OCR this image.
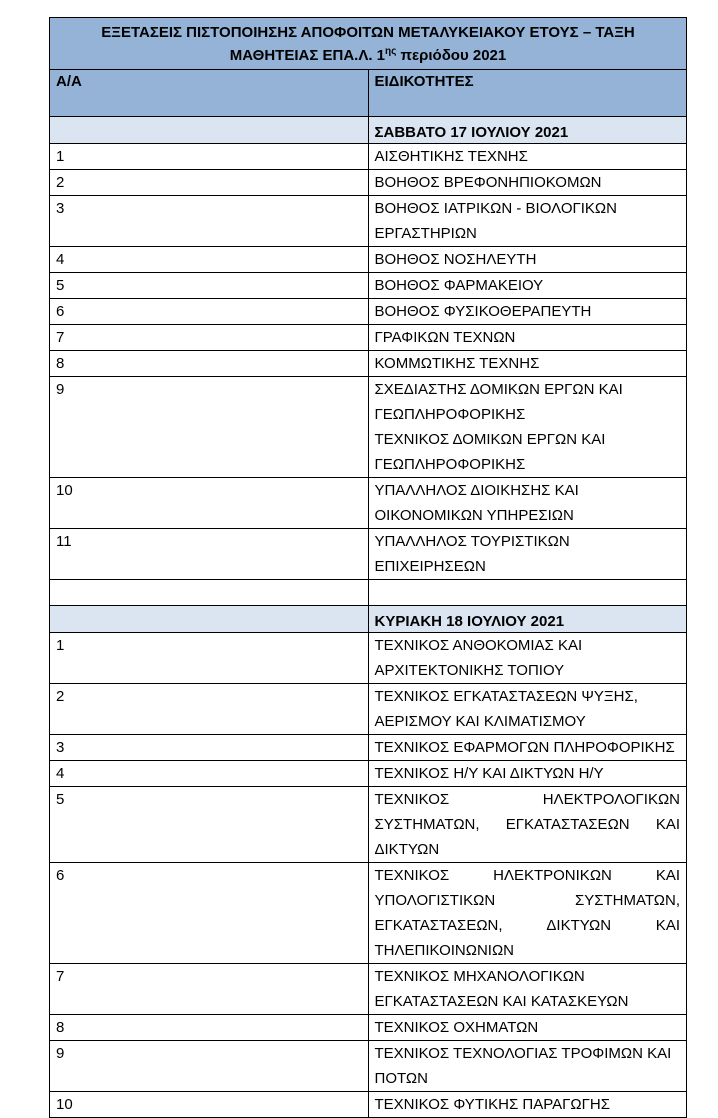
ΕΞΕΤΑΣΕΙΣ ΠΙΣΤΟΠΟΙΗΣΗΣ ΑΠΟΦΟΙΤΩΝ ΜΕΤΑΛΥΚΕΙΑΚΟΥ ΕΤΟΥΣ – ΤΑΞΗ
ΜΑΘΗΤΕΙΑΣ ΕΠΑ.Λ. $1^{\eta\varsigma}$ περιόδου 2021	
Α/Α	ΕΙΔΙΚΟΤΗΤΕΣ
	ΣΑΒΒΑΤΟ 17 ΙΟΥΛΙΟΥ 2021
1	ΑΙΣΘΗΤΙΚΗΣ ΤΕΧΝΗΣ
2	ΒΟΗΘΟΣ ΒΡΕΦΟΝΗΠΙΟΚΟΜΩΝ
3	ΒΟΗΘΟΣ ΙΑΤΡΙΚΩΝ - ΒΙΟΛΟΓΙΚΩΝ ΕΡΓΑΣΤΗΡΙΩΝ
4	ΒΟΗΘΟΣ ΝΟΣΗΛΕΥΤΗ
5	ΒΟΗΘΟΣ ΦΑΡΜΑΚΕΙΟΥ
6	ΒΟΗΘΟΣ ΦΥΣΙΚΟΘΕΡΑΠΕΥΤΗ
7	ΓΡΑΦΙΚΩΝ ΤΕΧΝΩΝ
8	ΚΟΜΜΩΤΙΚΗΣ ΤΕΧΝΗΣ
9	ΣΧΕΔΙΑΣΤΗΣ ΔΟΜΙΚΩΝ ΕΡΓΩΝ ΚΑΙ ΓΕΩΠΛΗΡΟΦΟΡΙΚΗΣ
ΤΕΧΝΙΚΟΣ ΔΟΜΙΚΩΝ ΕΡΓΩΝ ΚΑΙ ΓΕΩΠΛΗΡΟΦΟΡΙΚΗΣ
10	ΥΠΑΛΛΗΛΟΣ ΔΙΟΙΚΗΣΗΣ ΚΑΙ ΟΙΚΟΝΟΜΙΚΩΝ ΥΠΗΡΕΣΙΩΝ
11	ΥΠΑΛΛΗΛΟΣ ΤΟΥΡΙΣΤΙΚΩΝ ΕΠΙΧΕΙΡΗΣΕΩΝ

	ΚΥΡΙΑΚΗ 18 ΙΟΥΛΙΟΥ 2021
1	ΤΕΧΝΙΚΟΣ ΑΝΘΟΚΟΜΙΑΣ ΚΑΙ ΑΡΧΙΤΕΚΤΟΝΙΚΗΣ ΤΟΠΙΟΥ
2	ΤΕΧΝΙΚΟΣ ΕΓΚΑΤΑΣΤΑΣΕΩΝ ΨΥΞΗΣ, ΑΕΡΙΣΜΟΥ ΚΑΙ ΚΛΙΜΑΤΙΣΜΟΥ
3	ΤΕΧΝΙΚΟΣ ΕΦΑΡΜΟΓΩΝ ΠΛΗΡΟΦΟΡΙΚΗΣ
4	ΤΕΧΝΙΚΟΣ Η/Υ ΚΑΙ ΔΙΚΤΥΩΝ Η/Υ
5	ΤΕΧΝΙΚΟΣ ΗΛΕΚΤΡΟΛΟΓΙΚΩΝ ΣΥΣΤΗΜΑΤΩΝ, ΕΓΚΑΤΑΣΤΑΣΕΩΝ ΚΑΙ ΔΙΚΤΥΩΝ
6	ΤΕΧΝΙΚΟΣ ΗΛΕΚΤΡΟΝΙΚΩΝ ΚΑΙ ΥΠΟΛΟΓΙΣΤΙΚΩΝ ΣΥΣΤΗΜΑΤΩΝ, ΕΓΚΑΤΑΣΤΑΣΕΩΝ, ΔΙΚΤΥΩΝ ΚΑΙ ΤΗΛΕΠΙΚΟΙΝΩΝΙΩΝ
7	ΤΕΧΝΙΚΟΣ ΜΗΧΑΝΟΛΟΓΙΚΩΝ ΕΓΚΑΤΑΣΤΑΣΕΩΝ ΚΑΙ ΚΑΤΑΣΚΕΥΩΝ
8	ΤΕΧΝΙΚΟΣ ΟΧΗΜΑΤΩΝ
9	ΤΕΧΝΙΚΟΣ ΤΕΧΝΟΛΟΓΙΑΣ ΤΡΟΦΙΜΩΝ ΚΑΙ ΠΟΤΩΝ
10	ΤΕΧΝΙΚΟΣ ΦΥΤΙΚΗΣ ΠΑΡΑΓΩΓΗΣ
